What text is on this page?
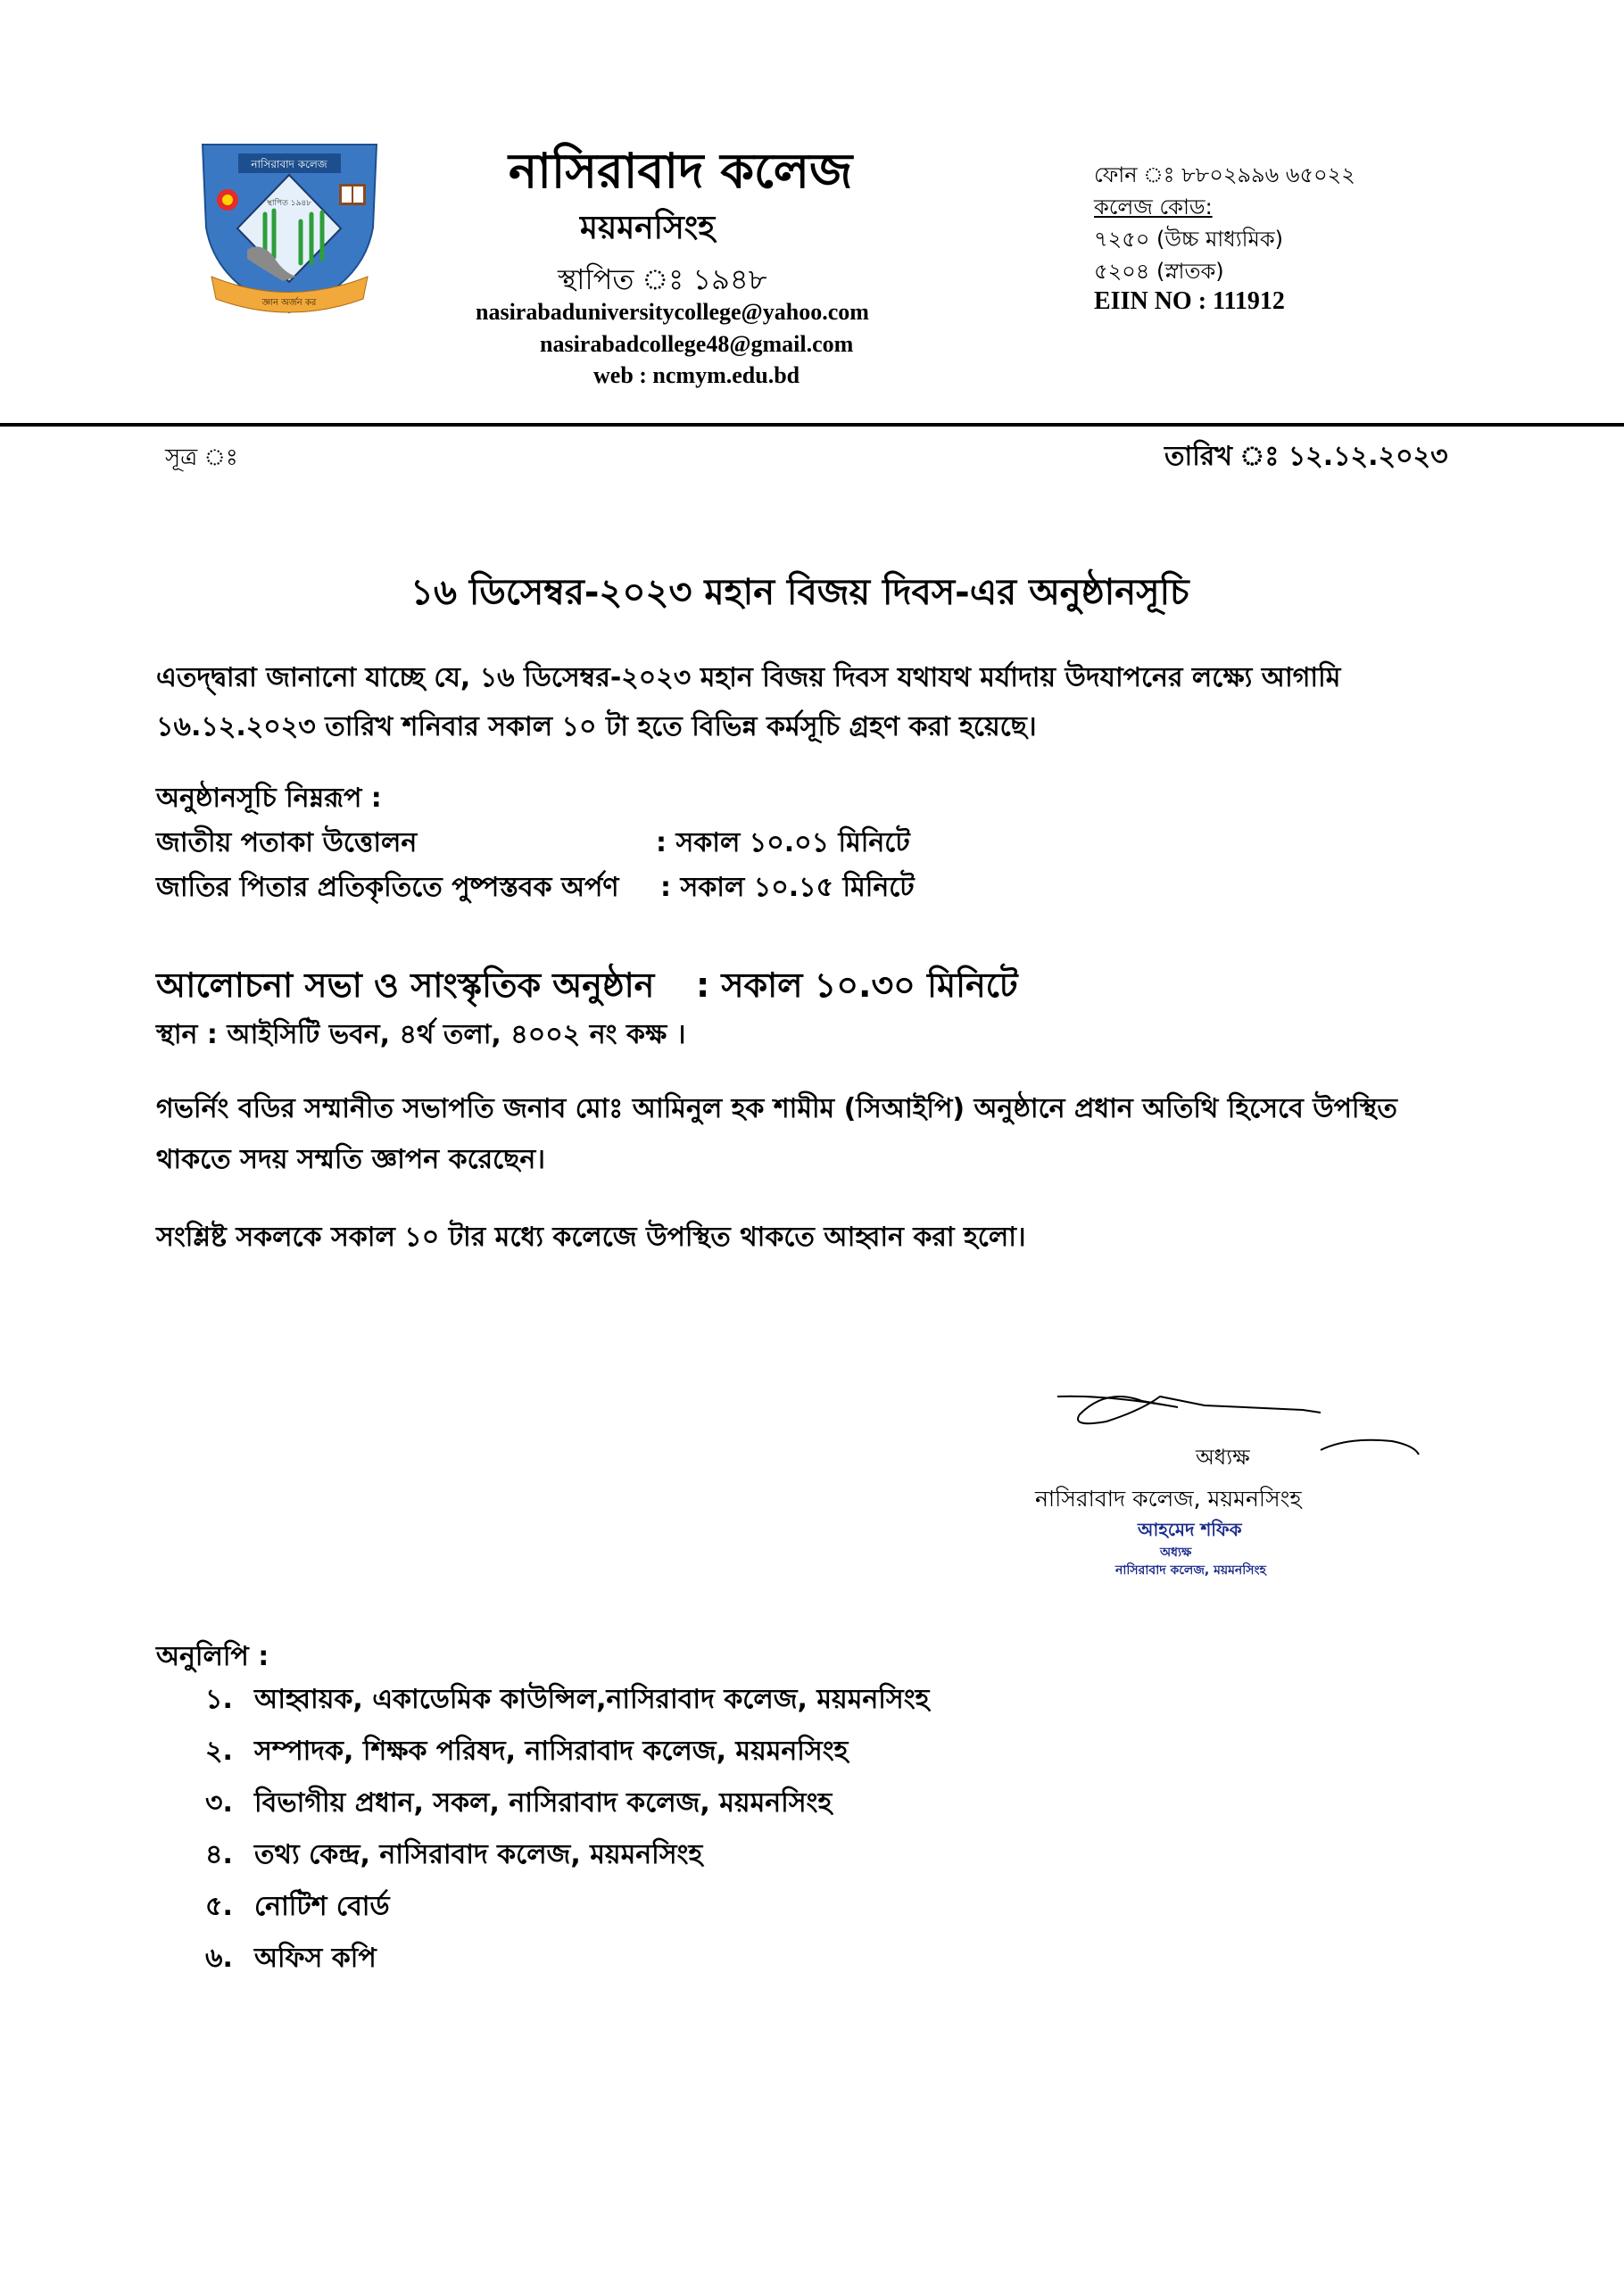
নাসিরাবাদ কলেজ
স্থাপিত ১৯৪৮
জ্ঞান অর্জন কর
নাসিরাবাদ কলেজ
ময়মনসিংহ
স্থাপিত ঃ ১৯৪৮
nasirabaduniversitycollege@yahoo.com
nasirabadcollege48@gmail.com
web : ncmym.edu.bd
ফোন ঃ ৮৮০২৯৯৬ ৬৫০২২
কলেজ কোড:
৭২৫০ (উচ্চ মাধ্যমিক)
৫২০৪ (স্নাতক)
EIIN NO : 111912
সূত্র ঃ	তারিখ ঃ ১২.১২.২০২৩
১৬ ডিসেম্বর-২০২৩ মহান বিজয় দিবস-এর অনুষ্ঠানসূচি
এতদ্দ্বারা জানানো যাচ্ছে যে, ১৬ ডিসেম্বর-২০২৩ মহান বিজয় দিবস যথাযথ মর্যাদায় উদযাপনের লক্ষ্যে আগামি
১৬.১২.২০২৩ তারিখ শনিবার সকাল ১০ টা হতে বিভিন্ন কর্মসূচি গ্রহণ করা হয়েছে।
অনুষ্ঠানসূচি নিম্নরূপ :
জাতীয় পতাকা উত্তোলন	: সকাল ১০.০১ মিনিটে
জাতির পিতার প্রতিকৃতিতে পুষ্পস্তবক অর্পণ : সকাল ১০.১৫ মিনিটে
আলোচনা সভা ও সাংস্কৃতিক অনুষ্ঠান : সকাল ১০.৩০ মিনিটে
স্থান : আইসিটি ভবন, ৪র্থ তলা, ৪০০২ নং কক্ষ ।
গভর্নিং বডির সম্মানীত সভাপতি জনাব মোঃ আমিনুল হক শামীম (সিআইপি) অনুষ্ঠানে প্রধান অতিথি হিসেবে উপস্থিত
থাকতে সদয় সম্মতি জ্ঞাপন করেছেন।
সংশ্লিষ্ট সকলকে সকাল ১০ টার মধ্যে কলেজে উপস্থিত থাকতে আহ্বান করা হলো।
অধ্যক্ষ
নাসিরাবাদ কলেজ, ময়মনসিংহ
আহমেদ শফিক
অধ্যক্ষ
নাসিরাবাদ কলেজ, ময়মনসিংহ
অনুলিপি :
১. আহ্বায়ক, একাডেমিক কাউন্সিল,নাসিরাবাদ কলেজ, ময়মনসিংহ
২. সম্পাদক, শিক্ষক পরিষদ, নাসিরাবাদ কলেজ, ময়মনসিংহ
৩. বিভাগীয় প্রধান, সকল, নাসিরাবাদ কলেজ, ময়মনসিংহ
৪. তথ্য কেন্দ্র, নাসিরাবাদ কলেজ, ময়মনসিংহ
৫. নোটিশ বোর্ড
৬. অফিস কপি
